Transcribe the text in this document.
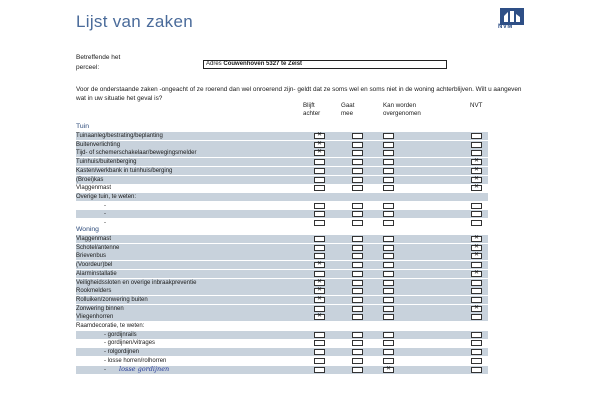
Lijst van zaken	NVM
Betreffende het
perceel:	Adres Couwenhoven 5327 te Zeist
Voor de onderstaande zaken -ongeacht of ze roerend dan wel onroerend zijn- geldt dat ze soms wel en soms niet in de woning achterblijven. Wilt u aangeven wat in uw situatie het geval is?
Blijft
achter
Gaat
mee
Kan worden
overgenomen
NVT
Tuin
Tuinaanleg/bestrating/beplanting
✕
Buitenverlichting
✕
Tijd- of schemerschakelaar/bewegingsmelder
✕
Tuinhuis/buitenberging
✕
Kasten/werkbank in tuinhuis/berging
✕
(Broei)kas
✕
Vlaggenmast
✕
Overige tuin, te weten:
-
-
-
Woning
Vlaggenmast
✕
Schotel/antenne
✕
Brievenbus
✕
(Voordeur)bel
✕
Alarminstallatie
✕
Veiligheidssloten en overige inbraakpreventie
✕
Rookmelders
✕
Rolluiken/zonwering buiten
✕
Zonwering binnen
✕
Vliegenhorren
✕
Raamdecoratie, te weten:
- gordijnrails
- gordijnen/vitrages
- rolgordijnen
- losse horren/rolhorren
- losse gordijnen
✕
